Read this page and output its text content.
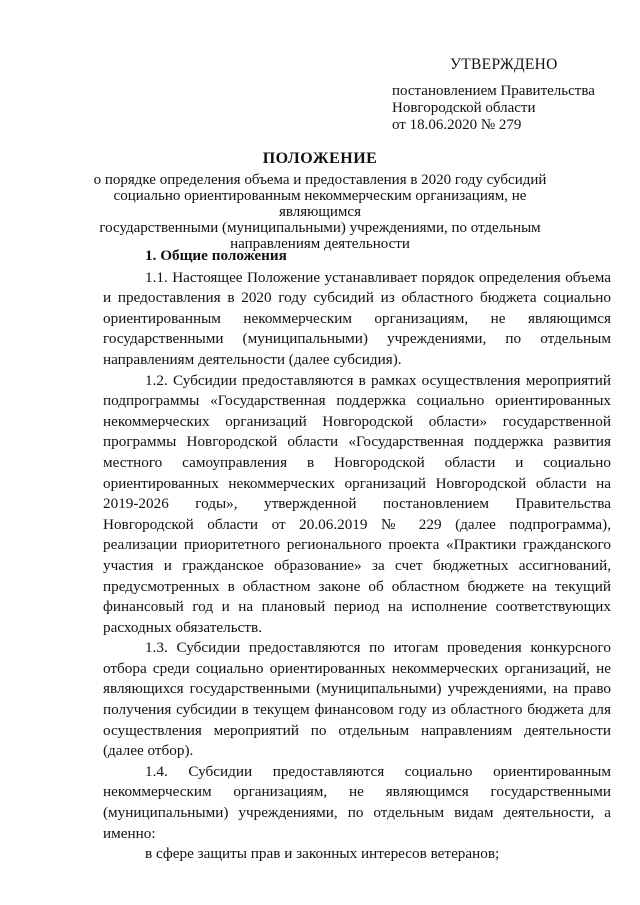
УТВЕРЖДЕНО
постановлением Правительства
Новгородской области
от 18.06.2020 № 279
ПОЛОЖЕНИЕ
о порядке определения объема и предоставления в 2020 году субсидий
социально ориентированным некоммерческим организациям, не являющимся
государственными (муниципальными) учреждениями, по отдельным
направлениям деятельности
1. Общие положения

1.1. Настоящее Положение устанавливает порядок определения объема и предоставления в 2020 году субсидий из областного бюджета социально ориентированным некоммерческим организациям, не являющимся государственными (муниципальными) учреждениями, по отдельным направлениям деятельности (далее субсидия).

1.2. Субсидии предоставляются в рамках осуществления мероприятий подпрограммы «Государственная поддержка социально ориентированных некоммерческих организаций Новгородской области» государственной программы Новгородской области «Государственная поддержка развития местного самоуправления в Новгородской области и социально ориентированных некоммерческих организаций Новгородской области на 2019-2026 годы», утвержденной постановлением Правительства Новгородской области от 20.06.2019 № 229 (далее подпрограмма), реализации приоритетного регионального проекта «Практики гражданского участия и гражданское образование» за счет бюджетных ассигнований, предусмотренных в областном законе об областном бюджете на текущий финансовый год и на плановый период на исполнение соответствующих расходных обязательств.

1.3. Субсидии предоставляются по итогам проведения конкурсного отбора среди социально ориентированных некоммерческих организаций, не являющихся государственными (муниципальными) учреждениями, на право получения субсидии в текущем финансовом году из областного бюджета для осуществления мероприятий по отдельным направлениям деятельности (далее отбор).

1.4. Субсидии предоставляются социально ориентированным некоммерческим организациям, не являющимся государственными (муниципальными) учреждениями, по отдельным видам деятельности, а именно:

в сфере защиты прав и законных интересов ветеранов;
